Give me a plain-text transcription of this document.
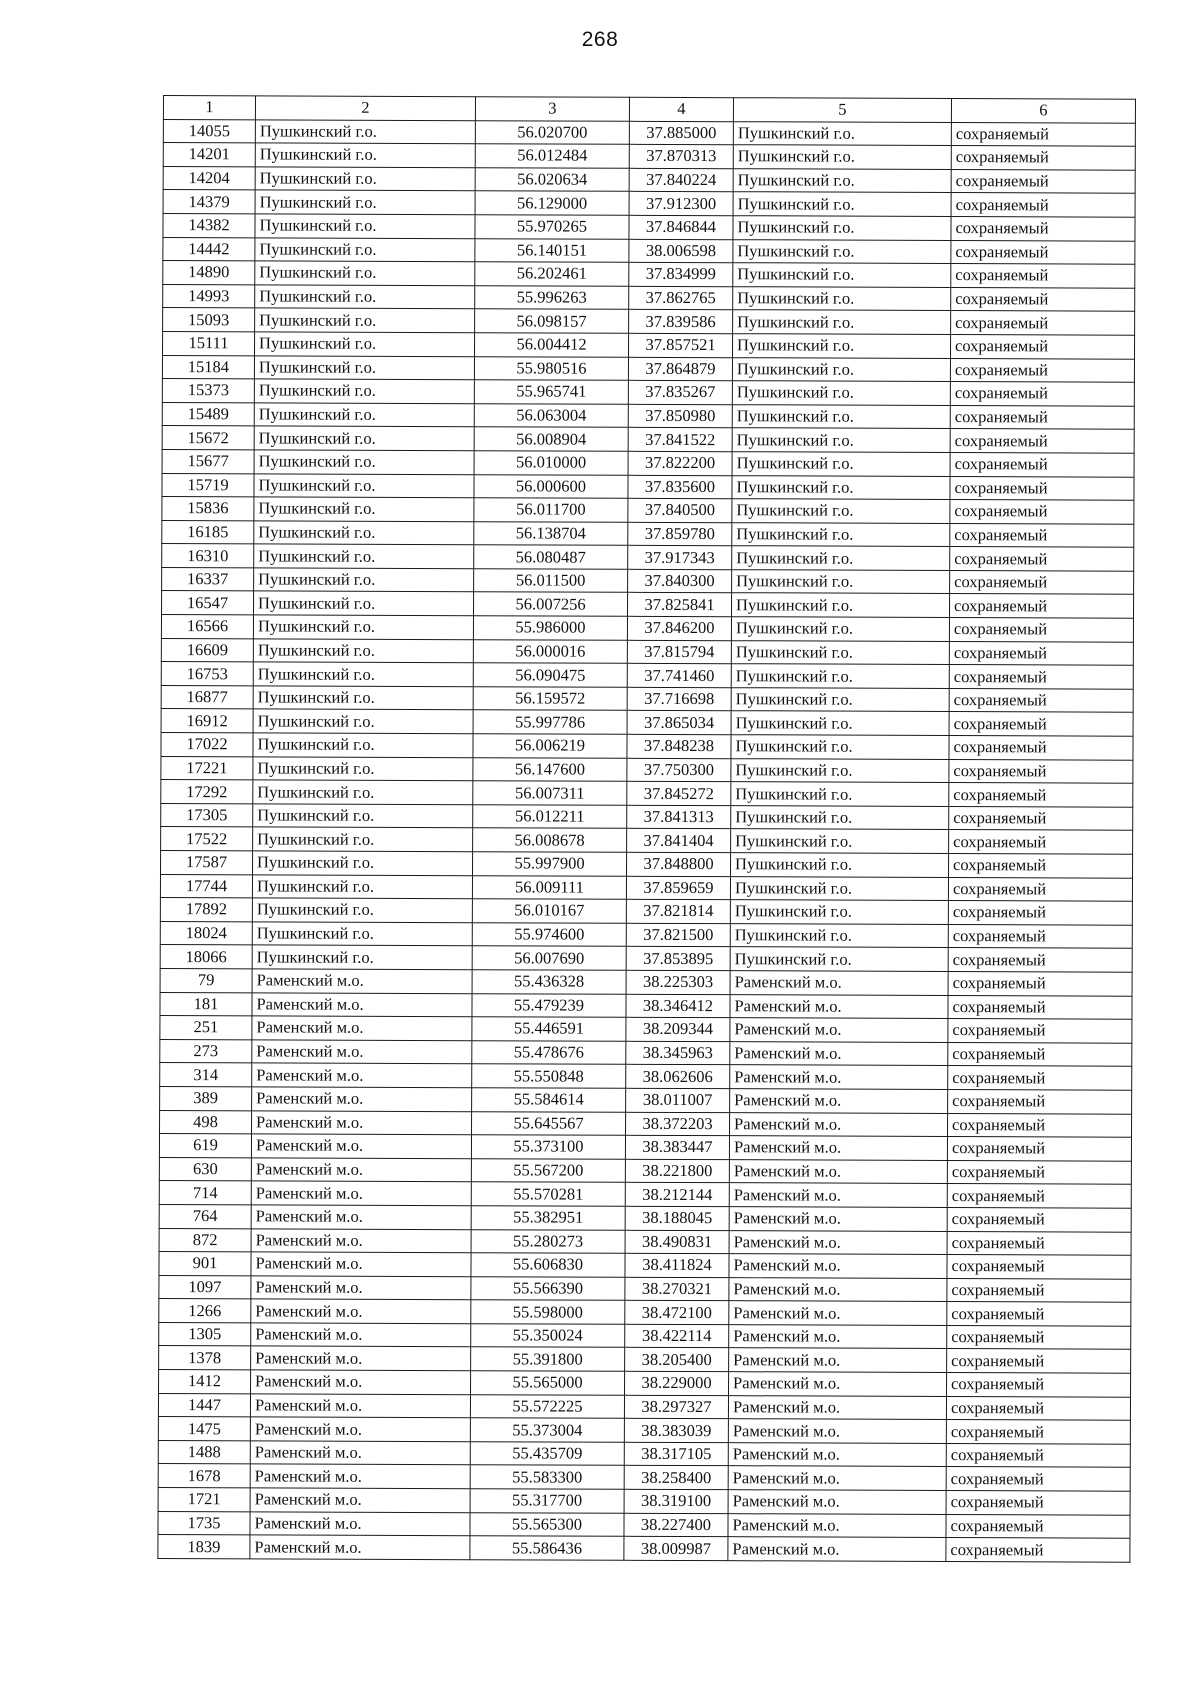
268
1	2	3	4	5	6
14055	Пушкинский г.о.	56.020700	37.885000	Пушкинский г.о.	сохраняемый
14201	Пушкинский г.о.	56.012484	37.870313	Пушкинский г.о.	сохраняемый
14204	Пушкинский г.о.	56.020634	37.840224	Пушкинский г.о.	сохраняемый
14379	Пушкинский г.о.	56.129000	37.912300	Пушкинский г.о.	сохраняемый
14382	Пушкинский г.о.	55.970265	37.846844	Пушкинский г.о.	сохраняемый
14442	Пушкинский г.о.	56.140151	38.006598	Пушкинский г.о.	сохраняемый
14890	Пушкинский г.о.	56.202461	37.834999	Пушкинский г.о.	сохраняемый
14993	Пушкинский г.о.	55.996263	37.862765	Пушкинский г.о.	сохраняемый
15093	Пушкинский г.о.	56.098157	37.839586	Пушкинский г.о.	сохраняемый
15111	Пушкинский г.о.	56.004412	37.857521	Пушкинский г.о.	сохраняемый
15184	Пушкинский г.о.	55.980516	37.864879	Пушкинский г.о.	сохраняемый
15373	Пушкинский г.о.	55.965741	37.835267	Пушкинский г.о.	сохраняемый
15489	Пушкинский г.о.	56.063004	37.850980	Пушкинский г.о.	сохраняемый
15672	Пушкинский г.о.	56.008904	37.841522	Пушкинский г.о.	сохраняемый
15677	Пушкинский г.о.	56.010000	37.822200	Пушкинский г.о.	сохраняемый
15719	Пушкинский г.о.	56.000600	37.835600	Пушкинский г.о.	сохраняемый
15836	Пушкинский г.о.	56.011700	37.840500	Пушкинский г.о.	сохраняемый
16185	Пушкинский г.о.	56.138704	37.859780	Пушкинский г.о.	сохраняемый
16310	Пушкинский г.о.	56.080487	37.917343	Пушкинский г.о.	сохраняемый
16337	Пушкинский г.о.	56.011500	37.840300	Пушкинский г.о.	сохраняемый
16547	Пушкинский г.о.	56.007256	37.825841	Пушкинский г.о.	сохраняемый
16566	Пушкинский г.о.	55.986000	37.846200	Пушкинский г.о.	сохраняемый
16609	Пушкинский г.о.	56.000016	37.815794	Пушкинский г.о.	сохраняемый
16753	Пушкинский г.о.	56.090475	37.741460	Пушкинский г.о.	сохраняемый
16877	Пушкинский г.о.	56.159572	37.716698	Пушкинский г.о.	сохраняемый
16912	Пушкинский г.о.	55.997786	37.865034	Пушкинский г.о.	сохраняемый
17022	Пушкинский г.о.	56.006219	37.848238	Пушкинский г.о.	сохраняемый
17221	Пушкинский г.о.	56.147600	37.750300	Пушкинский г.о.	сохраняемый
17292	Пушкинский г.о.	56.007311	37.845272	Пушкинский г.о.	сохраняемый
17305	Пушкинский г.о.	56.012211	37.841313	Пушкинский г.о.	сохраняемый
17522	Пушкинский г.о.	56.008678	37.841404	Пушкинский г.о.	сохраняемый
17587	Пушкинский г.о.	55.997900	37.848800	Пушкинский г.о.	сохраняемый
17744	Пушкинский г.о.	56.009111	37.859659	Пушкинский г.о.	сохраняемый
17892	Пушкинский г.о.	56.010167	37.821814	Пушкинский г.о.	сохраняемый
18024	Пушкинский г.о.	55.974600	37.821500	Пушкинский г.о.	сохраняемый
18066	Пушкинский г.о.	56.007690	37.853895	Пушкинский г.о.	сохраняемый
79	Раменский м.о.	55.436328	38.225303	Раменский м.о.	сохраняемый
181	Раменский м.о.	55.479239	38.346412	Раменский м.о.	сохраняемый
251	Раменский м.о.	55.446591	38.209344	Раменский м.о.	сохраняемый
273	Раменский м.о.	55.478676	38.345963	Раменский м.о.	сохраняемый
314	Раменский м.о.	55.550848	38.062606	Раменский м.о.	сохраняемый
389	Раменский м.о.	55.584614	38.011007	Раменский м.о.	сохраняемый
498	Раменский м.о.	55.645567	38.372203	Раменский м.о.	сохраняемый
619	Раменский м.о.	55.373100	38.383447	Раменский м.о.	сохраняемый
630	Раменский м.о.	55.567200	38.221800	Раменский м.о.	сохраняемый
714	Раменский м.о.	55.570281	38.212144	Раменский м.о.	сохраняемый
764	Раменский м.о.	55.382951	38.188045	Раменский м.о.	сохраняемый
872	Раменский м.о.	55.280273	38.490831	Раменский м.о.	сохраняемый
901	Раменский м.о.	55.606830	38.411824	Раменский м.о.	сохраняемый
1097	Раменский м.о.	55.566390	38.270321	Раменский м.о.	сохраняемый
1266	Раменский м.о.	55.598000	38.472100	Раменский м.о.	сохраняемый
1305	Раменский м.о.	55.350024	38.422114	Раменский м.о.	сохраняемый
1378	Раменский м.о.	55.391800	38.205400	Раменский м.о.	сохраняемый
1412	Раменский м.о.	55.565000	38.229000	Раменский м.о.	сохраняемый
1447	Раменский м.о.	55.572225	38.297327	Раменский м.о.	сохраняемый
1475	Раменский м.о.	55.373004	38.383039	Раменский м.о.	сохраняемый
1488	Раменский м.о.	55.435709	38.317105	Раменский м.о.	сохраняемый
1678	Раменский м.о.	55.583300	38.258400	Раменский м.о.	сохраняемый
1721	Раменский м.о.	55.317700	38.319100	Раменский м.о.	сохраняемый
1735	Раменский м.о.	55.565300	38.227400	Раменский м.о.	сохраняемый
1839	Раменский м.о.	55.586436	38.009987	Раменский м.о.	сохраняемый
